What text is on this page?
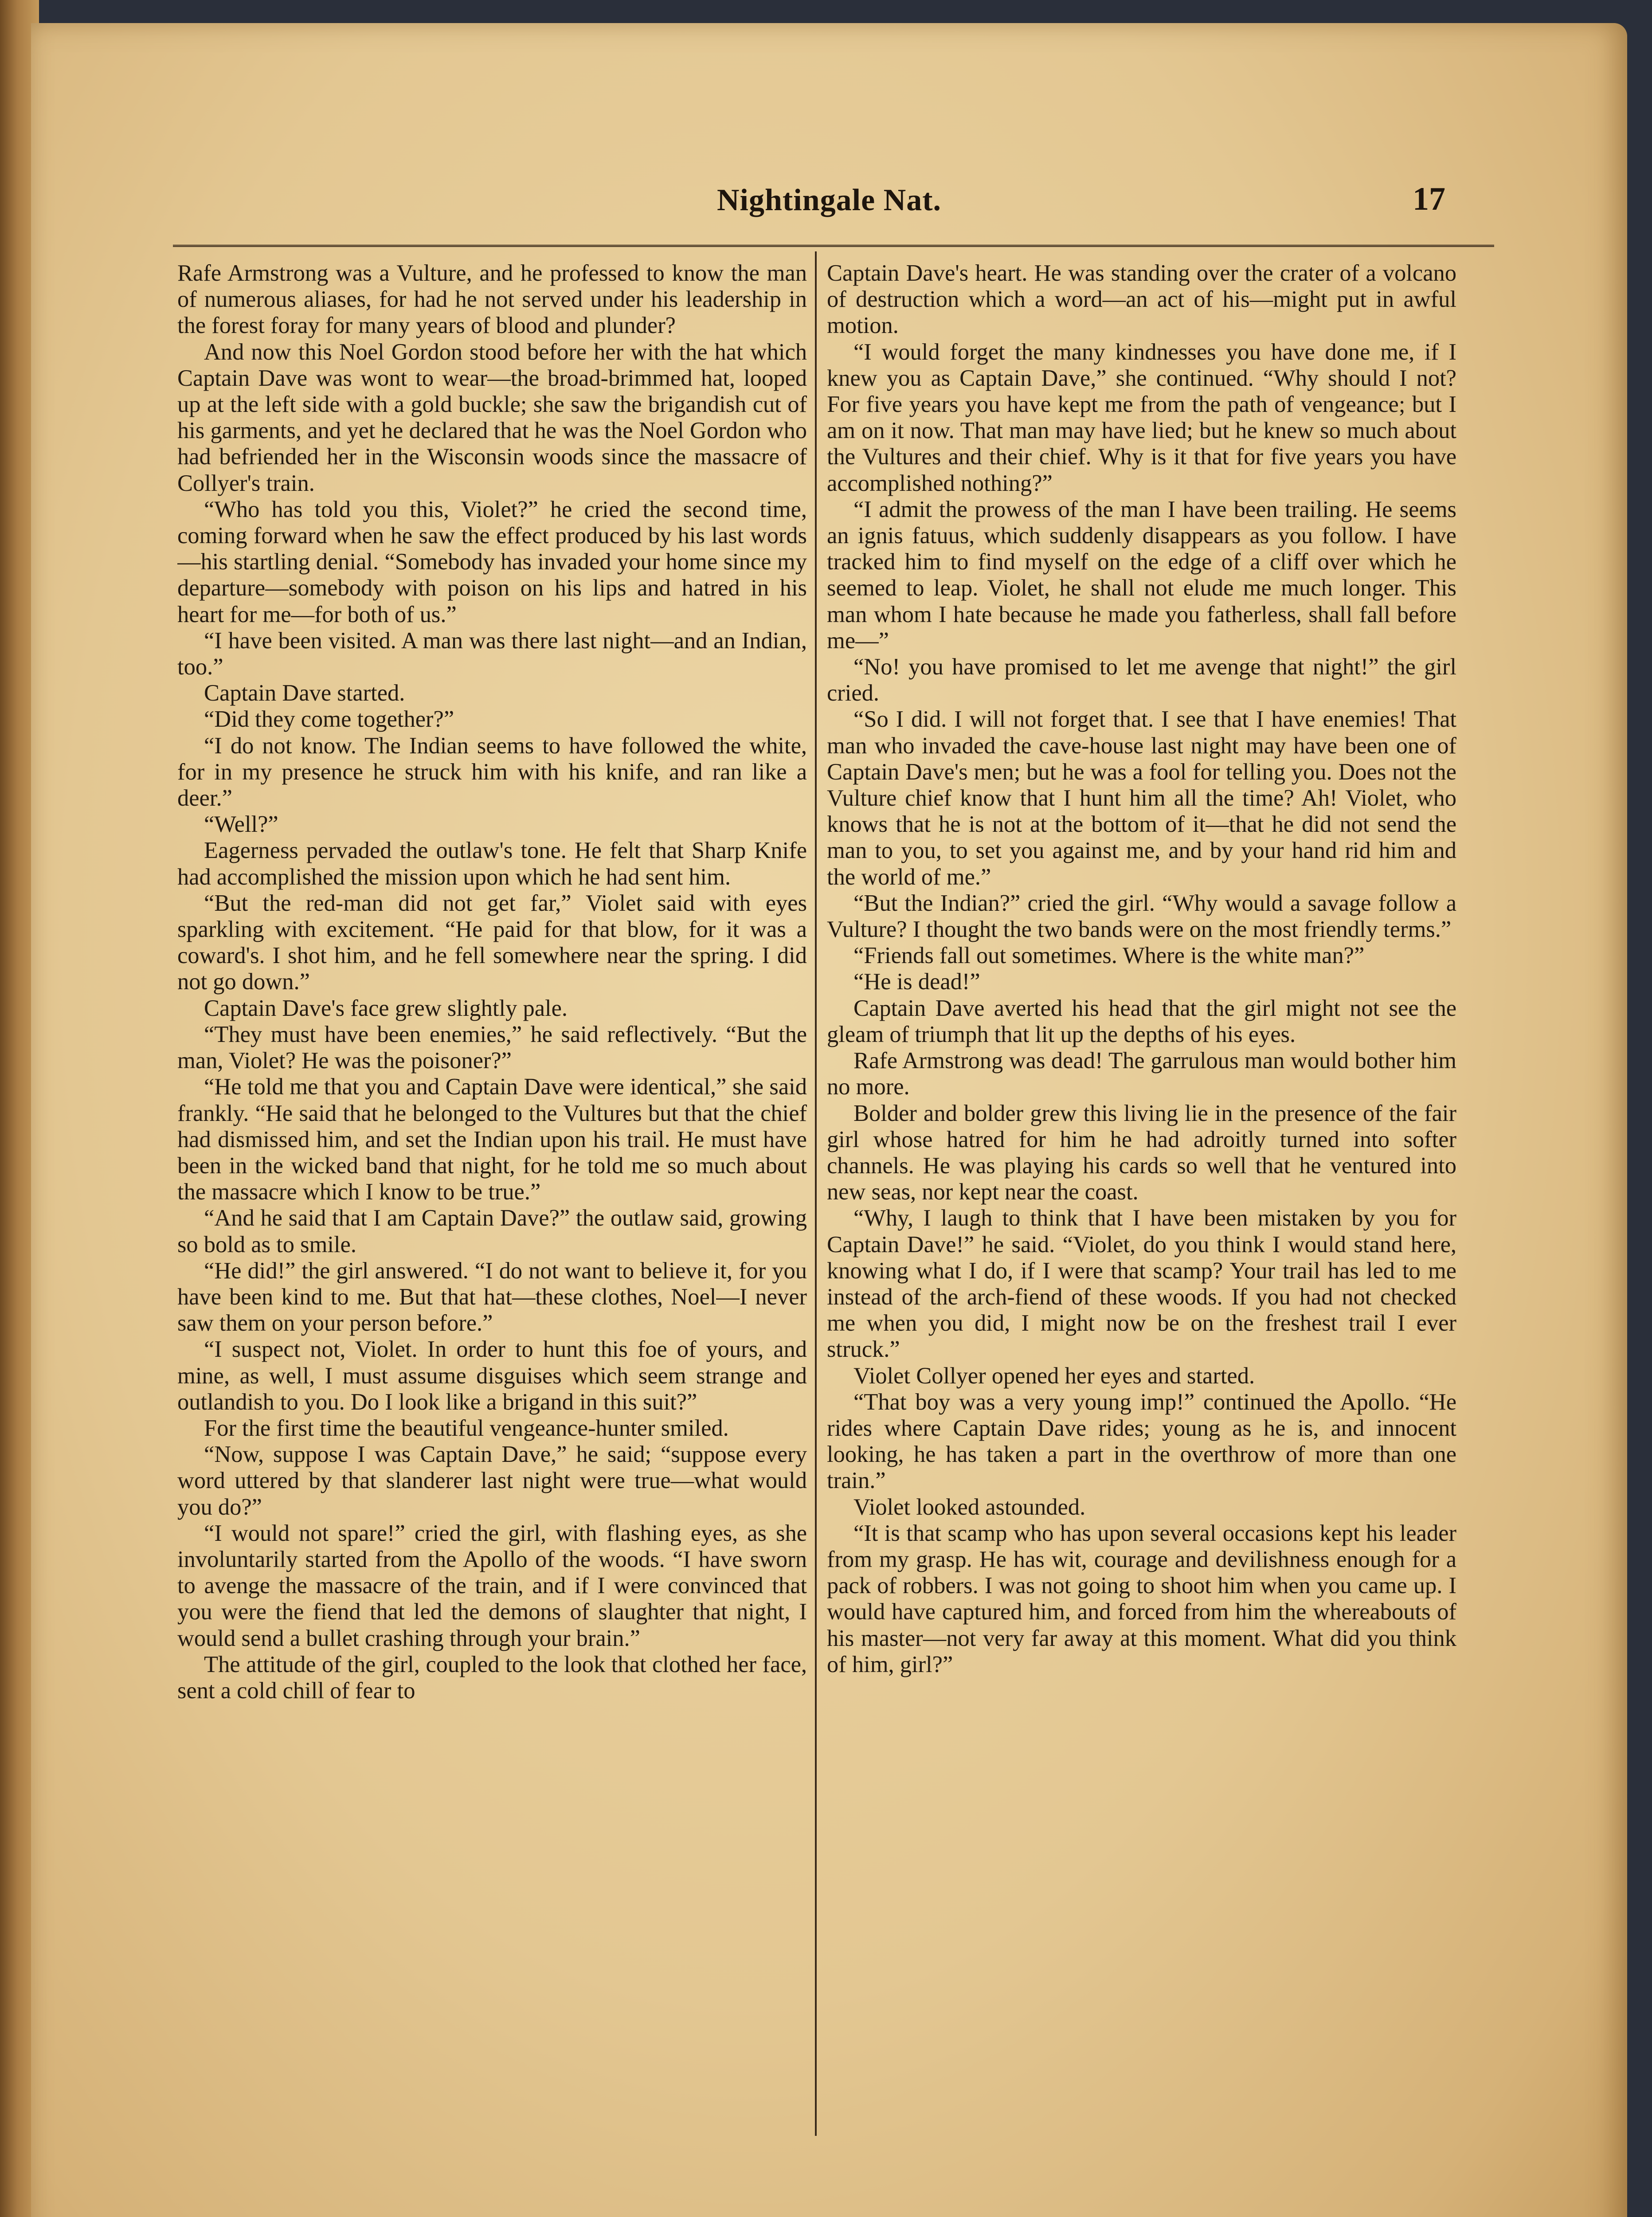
Nightingale Nat.	17

Rafe Armstrong was a Vulture, and he professed to know the man of numerous aliases, for had he not served under his leadership in the forest foray for many years of blood and plunder?

And now this Noel Gordon stood before her with the hat which Captain Dave was wont to wear—the broad-brimmed hat, looped up at the left side with a gold buckle; she saw the brigandish cut of his garments, and yet he declared that he was the Noel Gordon who had befriended her in the Wisconsin woods since the massacre of Collyer's train.

“Who has told you this, Violet?” he cried the second time, coming forward when he saw the effect produced by his last words—his startling denial. “Somebody has invaded your home since my departure—somebody with poison on his lips and hatred in his heart for me—for both of us.”

“I have been visited. A man was there last night—and an Indian, too.”

Captain Dave started.

“Did they come together?”

“I do not know. The Indian seems to have followed the white, for in my presence he struck him with his knife, and ran like a deer.”

“Well?”

Eagerness pervaded the outlaw's tone. He felt that Sharp Knife had accomplished the mission upon which he had sent him.

“But the red-man did not get far,” Violet said with eyes sparkling with excitement. “He paid for that blow, for it was a coward's. I shot him, and he fell somewhere near the spring. I did not go down.”

Captain Dave's face grew slightly pale.

“They must have been enemies,” he said reflectively. “But the man, Violet? He was the poisoner?”

“He told me that you and Captain Dave were identical,” she said frankly. “He said that he belonged to the Vultures but that the chief had dismissed him, and set the Indian upon his trail. He must have been in the wicked band that night, for he told me so much about the massacre which I know to be true.”

“And he said that I am Captain Dave?” the outlaw said, growing so bold as to smile.

“He did!” the girl answered. “I do not want to believe it, for you have been kind to me. But that hat—these clothes, Noel—I never saw them on your person before.”

“I suspect not, Violet. In order to hunt this foe of yours, and mine, as well, I must assume disguises which seem strange and outlandish to you. Do I look like a brigand in this suit?”

For the first time the beautiful vengeance-hunter smiled.

“Now, suppose I was Captain Dave,” he said; “suppose every word uttered by that slanderer last night were true—what would you do?”

“I would not spare!” cried the girl, with flashing eyes, as she involuntarily started from the Apollo of the woods. “I have sworn to avenge the massacre of the train, and if I were convinced that you were the fiend that led the demons of slaughter that night, I would send a bullet crashing through your brain.”

The attitude of the girl, coupled to the look that clothed her face, sent a cold chill of fear to

Captain Dave's heart. He was standing over the crater of a volcano of destruction which a word—an act of his—might put in awful motion.

“I would forget the many kindnesses you have done me, if I knew you as Captain Dave,” she continued. “Why should I not? For five years you have kept me from the path of vengeance; but I am on it now. That man may have lied; but he knew so much about the Vultures and their chief. Why is it that for five years you have accomplished nothing?”

“I admit the prowess of the man I have been trailing. He seems an ignis fatuus, which suddenly disappears as you follow. I have tracked him to find myself on the edge of a cliff over which he seemed to leap. Violet, he shall not elude me much longer. This man whom I hate because he made you fatherless, shall fall before me—”

“No! you have promised to let me avenge that night!” the girl cried.

“So I did. I will not forget that. I see that I have enemies! That man who invaded the cave-house last night may have been one of Captain Dave's men; but he was a fool for telling you. Does not the Vulture chief know that I hunt him all the time? Ah! Violet, who knows that he is not at the bottom of it—that he did not send the man to you, to set you against me, and by your hand rid him and the world of me.”

“But the Indian?” cried the girl. “Why would a savage follow a Vulture? I thought the two bands were on the most friendly terms.”

“Friends fall out sometimes. Where is the white man?”

“He is dead!”

Captain Dave averted his head that the girl might not see the gleam of triumph that lit up the depths of his eyes.

Rafe Armstrong was dead! The garrulous man would bother him no more.

Bolder and bolder grew this living lie in the presence of the fair girl whose hatred for him he had adroitly turned into softer channels. He was playing his cards so well that he ventured into new seas, nor kept near the coast.

“Why, I laugh to think that I have been mistaken by you for Captain Dave!” he said. “Violet, do you think I would stand here, knowing what I do, if I were that scamp? Your trail has led to me instead of the arch-fiend of these woods. If you had not checked me when you did, I might now be on the freshest trail I ever struck.”

Violet Collyer opened her eyes and started.

“That boy was a very young imp!” continued the Apollo. “He rides where Captain Dave rides; young as he is, and innocent looking, he has taken a part in the overthrow of more than one train.”

Violet looked astounded.

“It is that scamp who has upon several occasions kept his leader from my grasp. He has wit, courage and devilishness enough for a pack of robbers. I was not going to shoot him when you came up. I would have captured him, and forced from him the whereabouts of his master—not very far away at this moment. What did you think of him, girl?”
